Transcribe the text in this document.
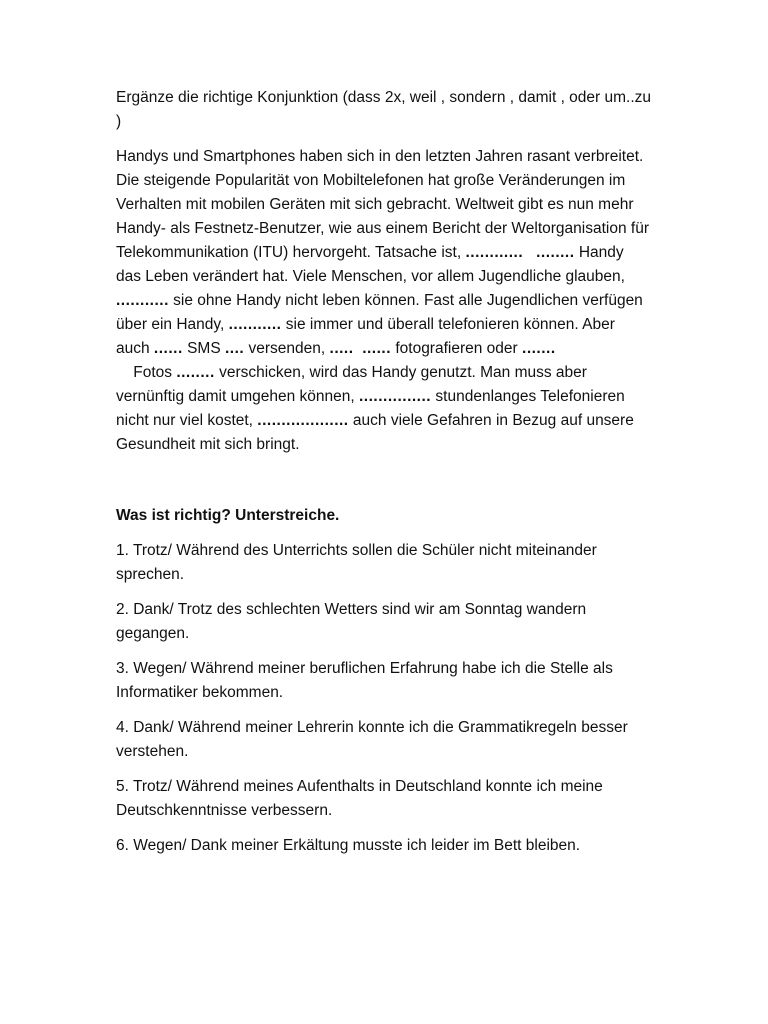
Ergänze die richtige Konjunktion (dass 2x, weil , sondern , damit , oder um..zu )

Handys und Smartphones haben sich in den letzten Jahren rasant verbreitet. Die steigende Popularität von Mobiltelefonen hat große Veränderungen im Verhalten mit mobilen Geräten mit sich gebracht. Weltweit gibt es nun mehr Handy- als Festnetz-Benutzer, wie aus einem Bericht der Weltorganisation für Telekommunikation (ITU) hervorgeht. Tatsache ist, ............ ........ Handy das Leben verändert hat. Viele Menschen, vor allem Jugendliche glauben, ........... sie ohne Handy nicht leben können. Fast alle Jugendlichen verfügen über ein Handy, ........... sie immer und überall telefonieren können. Aber auch ...... SMS .... versenden, ..... ...... fotografieren oder .......    Fotos ........ verschicken, wird das Handy genutzt. Man muss aber vernünftig damit umgehen können, ............... stundenlanges Telefonieren nicht nur viel kostet, ................... auch viele Gefahren in Bezug auf unsere Gesundheit mit sich bringt.

Was ist richtig? Unterstreiche.

1. Trotz/ Während des Unterrichts sollen die Schüler nicht miteinander sprechen.

2. Dank/ Trotz des schlechten Wetters sind wir am Sonntag wandern gegangen.

3. Wegen/ Während meiner beruflichen Erfahrung habe ich die Stelle als Informatiker bekommen.

4. Dank/ Während meiner Lehrerin konnte ich die Grammatikregeln besser verstehen.

5. Trotz/ Während meines Aufenthalts in Deutschland konnte ich meine Deutschkenntnisse verbessern.

6. Wegen/ Dank meiner Erkältung musste ich leider im Bett bleiben.
